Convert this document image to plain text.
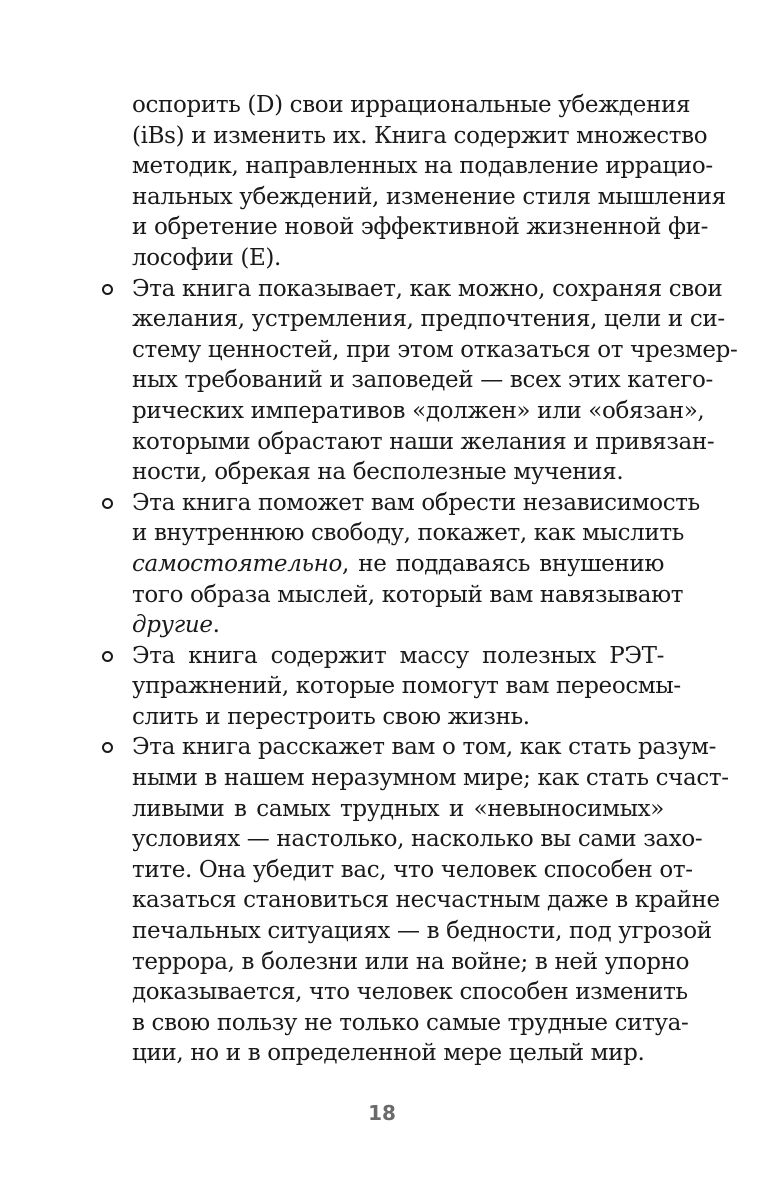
оспорить (D) свои иррациональные убеждения
(iBs) и изменить их. Книга содержит множество
методик, направленных на подавление иррацио-
нальных убеждений, изменение стиля мышления
и обретение новой эффективной жизненной фи-
лософии (E).
Эта книга показывает, как можно, сохраняя свои
желания, устремления, предпочтения, цели и си-
стему ценностей, при этом отказаться от чрезмер-
ных требований и заповедей — всех этих катего-
рических императивов «должен» или «обязан»,
которыми обрастают наши желания и привязан-
ности, обрекая на бесполезные мучения.
Эта книга поможет вам обрести независимость
и внутреннюю свободу, покажет, как мыслить
самостоятельно, не поддаваясь внушению
того образа мыслей, который вам навязывают
другие.
Эта книга содержит массу полезных РЭТ-
упражнений, которые помогут вам переосмы-
слить и перестроить свою жизнь.
Эта книга расскажет вам о том, как стать разум-
ными в нашем неразумном мире; как стать счаст-
ливыми в самых трудных и «невыносимых»
условиях — настолько, насколько вы сами захо-
тите. Она убедит вас, что человек способен от-
казаться становиться несчастным даже в крайне
печальных ситуациях — в бедности, под угрозой
террора, в болезни или на войне; в ней упорно
доказывается, что человек способен изменить
в свою пользу не только самые трудные ситуа-
ции, но и в определенной мере целый мир.
18
